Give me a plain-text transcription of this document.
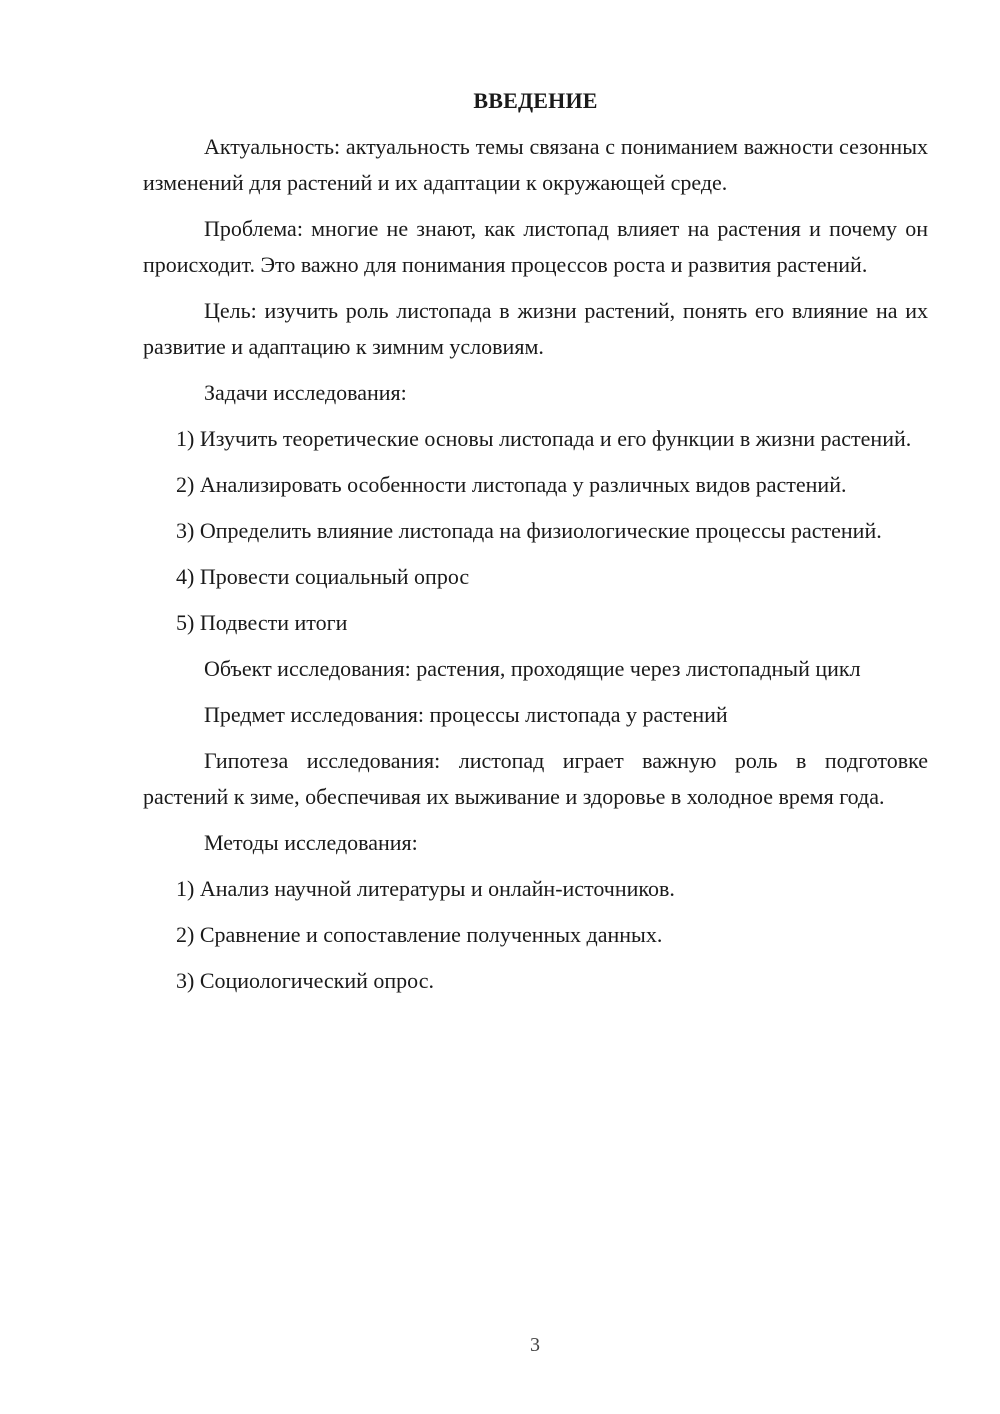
ВВЕДЕНИЕ

Актуальность: актуальность темы связана с пониманием важности сезонных изменений для растений и их адаптации к окружающей среде.

Проблема: многие не знают, как листопад влияет на растения и почему он происходит. Это важно для понимания процессов роста и развития растений.

Цель: изучить роль листопада в жизни растений, понять его влияние на их развитие и адаптацию к зимним условиям.

Задачи исследования:

1) Изучить теоретические основы листопада и его функции в жизни растений.

2) Анализировать особенности листопада у различных видов растений.

3) Определить влияние листопада на физиологические процессы растений.

4) Провести социальный опрос

5) Подвести итоги

Объект исследования: растения, проходящие через листопадный цикл

Предмет исследования: процессы листопада у растений

Гипотеза исследования: листопад играет важную роль в подготовке растений к зиме, обеспечивая их выживание и здоровье в холодное время года.

Методы исследования:

1) Анализ научной литературы и онлайн-источников.

2) Сравнение и сопоставление полученных данных.

3) Социологический опрос.

3
